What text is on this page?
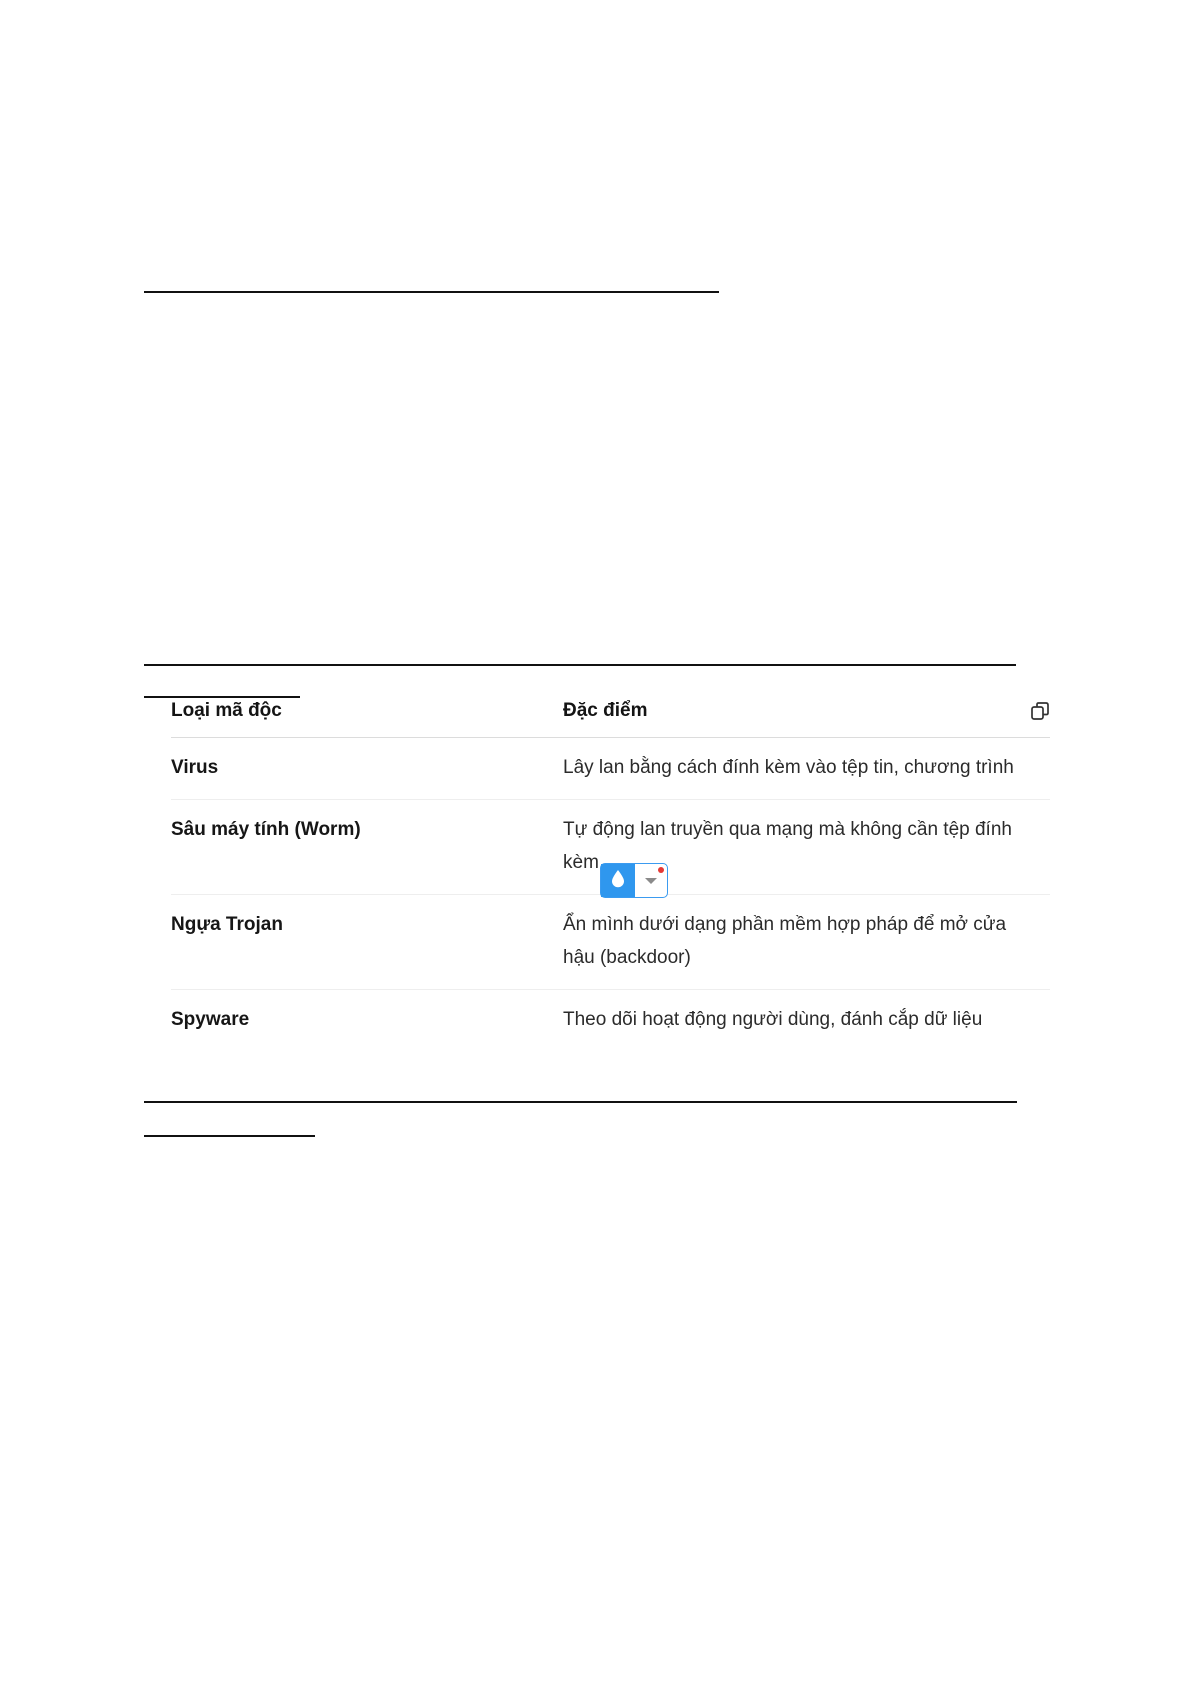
Loại mã độc	Đặc điểm

Virus	Lây lan bằng cách đính kèm vào tệp tin, chương trình
Sâu máy tính (Worm)	Tự động lan truyền qua mạng mà không cần tệp đính kèm
Ngựa Trojan	Ẩn mình dưới dạng phần mềm hợp pháp để mở cửa hậu (backdoor)
Spyware	Theo dõi hoạt động người dùng, đánh cắp dữ liệu
